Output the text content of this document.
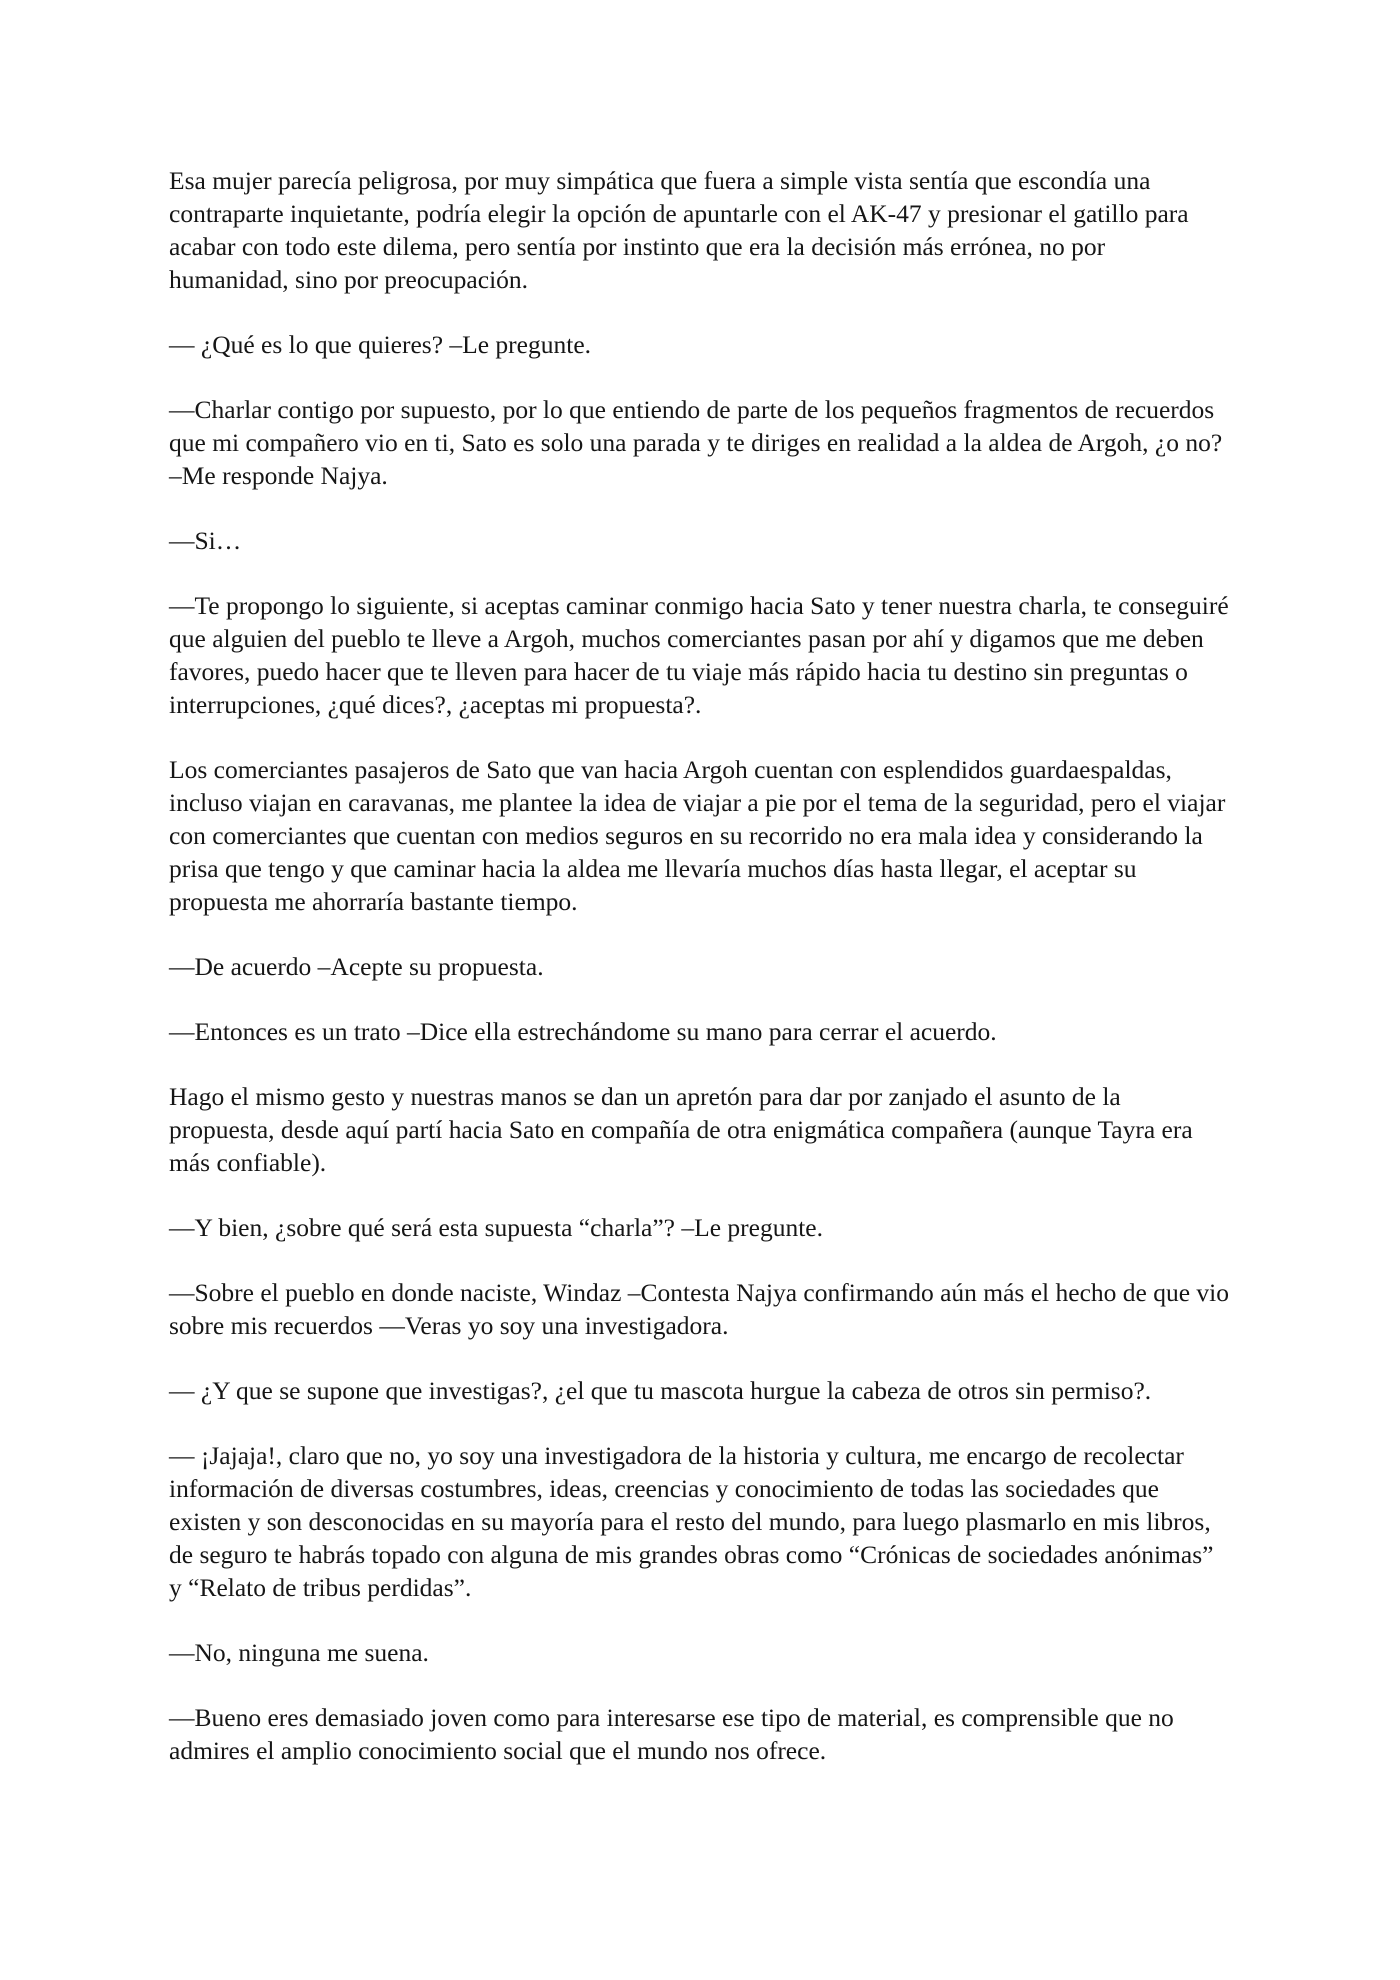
Esa mujer parecía peligrosa, por muy simpática que fuera a simple vista sentía que escondía una contraparte inquietante, podría elegir la opción de apuntarle con el AK-47 y presionar el gatillo para acabar con todo este dilema, pero sentía por instinto que era la decisión más errónea, no por humanidad, sino por preocupación.

— ¿Qué es lo que quieres? –Le pregunte.

—Charlar contigo por supuesto, por lo que entiendo de parte de los pequeños fragmentos de recuerdos que mi compañero vio en ti, Sato es solo una parada y te diriges en realidad a la aldea de Argoh, ¿o no? –Me responde Najya.

—Si…

—Te propongo lo siguiente, si aceptas caminar conmigo hacia Sato y tener nuestra charla, te conseguiré que alguien del pueblo te lleve a Argoh, muchos comerciantes pasan por ahí y digamos que me deben favores, puedo hacer que te lleven para hacer de tu viaje más rápido hacia tu destino sin preguntas o interrupciones, ¿qué dices?, ¿aceptas mi propuesta?.

Los comerciantes pasajeros de Sato que van hacia Argoh cuentan con esplendidos guardaespaldas, incluso viajan en caravanas, me plantee la idea de viajar a pie por el tema de la seguridad, pero el viajar con comerciantes que cuentan con medios seguros en su recorrido no era mala idea y considerando la prisa que tengo y que caminar hacia la aldea me llevaría muchos días hasta llegar, el aceptar su propuesta me ahorraría bastante tiempo.

—De acuerdo –Acepte su propuesta.

—Entonces es un trato –Dice ella estrechándome su mano para cerrar el acuerdo.

Hago el mismo gesto y nuestras manos se dan un apretón para dar por zanjado el asunto de la propuesta, desde aquí partí hacia Sato en compañía de otra enigmática compañera (aunque Tayra era más confiable).

—Y bien, ¿sobre qué será esta supuesta “charla”? –Le pregunte.

—Sobre el pueblo en donde naciste, Windaz –Contesta Najya confirmando aún más el hecho de que vio sobre mis recuerdos —Veras yo soy una investigadora.

— ¿Y que se supone que investigas?, ¿el que tu mascota hurgue la cabeza de otros sin permiso?.

— ¡Jajaja!, claro que no, yo soy una investigadora de la historia y cultura, me encargo de recolectar información de diversas costumbres, ideas, creencias y conocimiento de todas las sociedades que existen y son desconocidas en su mayoría para el resto del mundo, para luego plasmarlo en mis libros, de seguro te habrás topado con alguna de mis grandes obras como “Crónicas de sociedades anónimas” y “Relato de tribus perdidas”.

—No, ninguna me suena.

—Bueno eres demasiado joven como para interesarse ese tipo de material, es comprensible que no admires el amplio conocimiento social que el mundo nos ofrece.
